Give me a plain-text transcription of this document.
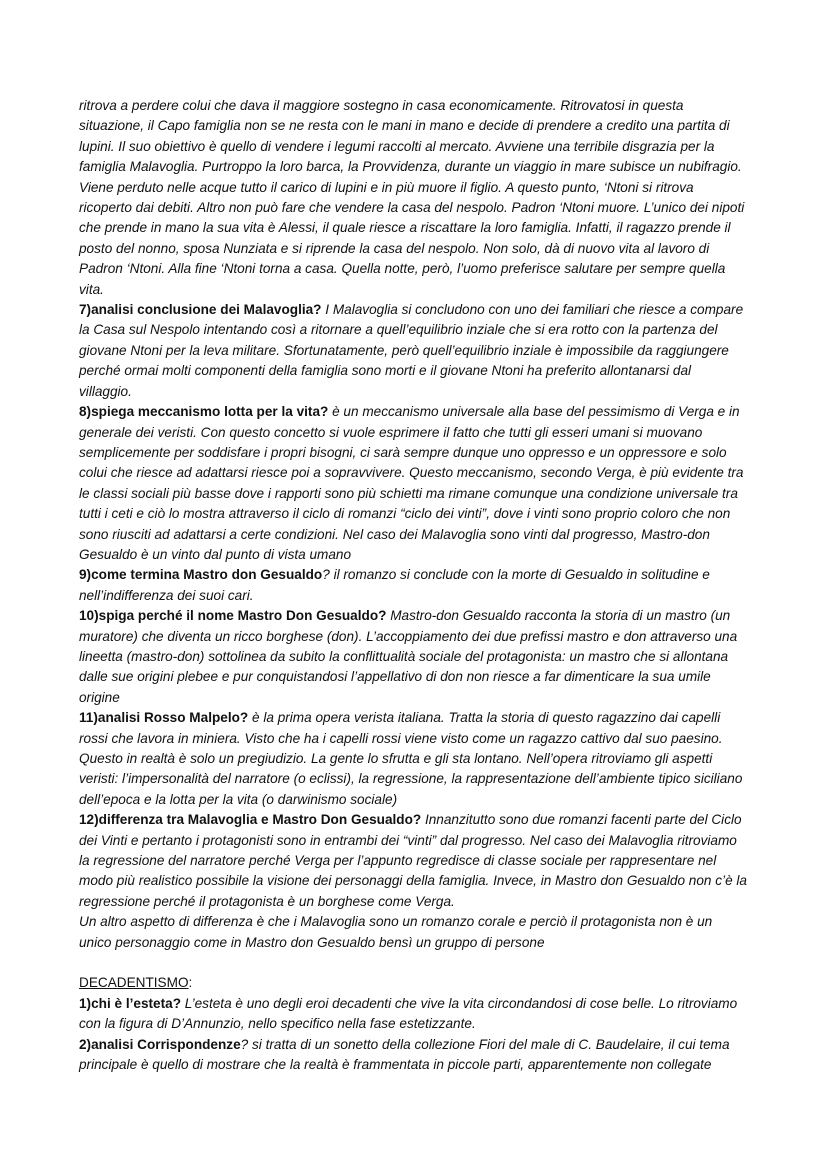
ritrova a perdere colui che dava il maggiore sostegno in casa economicamente. Ritrovatosi in questa situazione, il Capo famiglia non se ne resta con le mani in mano e decide di prendere a credito una partita di lupini. Il suo obiettivo è quello di vendere i legumi raccolti al mercato. Avviene una terribile disgrazia per la famiglia Malavoglia. Purtroppo la loro barca, la Provvidenza, durante un viaggio in mare subisce un nubifragio. Viene perduto nelle acque tutto il carico di lupini e in più muore il figlio. A questo punto, ‘Ntoni si ritrova ricoperto dai debiti. Altro non può fare che vendere la casa del nespolo. Padron ‘Ntoni muore. L’unico dei nipoti che prende in mano la sua vita è Alessi, il quale riesce a riscattare la loro famiglia. Infatti, il ragazzo prende il posto del nonno, sposa Nunziata e si riprende la casa del nespolo. Non solo, dà di nuovo vita al lavoro di Padron ‘Ntoni. Alla fine ‘Ntoni torna a casa. Quella notte, però, l’uomo preferisce salutare per sempre quella vita.

7)analisi conclusione dei Malavoglia? I Malavoglia si concludono con uno dei familiari che riesce a compare la Casa sul Nespolo intentando così a ritornare a quell’equilibrio inziale che si era rotto con la partenza del giovane Ntoni per la leva militare. Sfortunatamente, però quell’equilibrio inziale è impossibile da raggiungere perché ormai molti componenti della famiglia sono morti e il giovane Ntoni ha preferito allontanarsi dal villaggio.

8)spiega meccanismo lotta per la vita? è un meccanismo universale alla base del pessimismo di Verga e in generale dei veristi. Con questo concetto si vuole esprimere il fatto che tutti gli esseri umani si muovano semplicemente per soddisfare i propri bisogni, ci sarà sempre dunque uno oppresso e un oppressore e solo colui che riesce ad adattarsi riesce poi a sopravvivere. Questo meccanismo, secondo Verga, è più evidente tra le classi sociali più basse dove i rapporti sono più schietti ma rimane comunque una condizione universale tra tutti i ceti e ciò lo mostra attraverso il ciclo di romanzi “ciclo dei vinti”, dove i vinti sono proprio coloro che non sono riusciti ad adattarsi a certe condizioni. Nel caso dei Malavoglia sono vinti dal progresso, Mastro-don Gesualdo è un vinto dal punto di vista umano

9)come termina Mastro don Gesualdo? il romanzo si conclude con la morte di Gesualdo in solitudine e nell’indifferenza dei suoi cari.

10)spiga perché il nome Mastro Don Gesualdo? Mastro-don Gesualdo racconta la storia di un mastro (un muratore) che diventa un ricco borghese (don). L’accoppiamento dei due prefissi mastro e don attraverso una lineetta (mastro-don) sottolinea da subito la conflittualità sociale del protagonista: un mastro che si allontana dalle sue origini plebee e pur conquistandosi l’appellativo di don non riesce a far dimenticare la sua umile origine

11)analisi Rosso Malpelo? è la prima opera verista italiana. Tratta la storia di questo ragazzino dai capelli rossi che lavora in miniera. Visto che ha i capelli rossi viene visto come un ragazzo cattivo dal suo paesino. Questo in realtà è solo un pregiudizio. La gente lo sfrutta e gli sta lontano. Nell’opera ritroviamo gli aspetti veristi: l’impersonalità del narratore (o eclissi), la regressione, la rappresentazione dell’ambiente tipico siciliano dell’epoca e la lotta per la vita (o darwinismo sociale)

12)differenza tra Malavoglia e Mastro Don Gesualdo? Innanzitutto sono due romanzi facenti parte del Ciclo dei Vinti e pertanto i protagonisti sono in entrambi dei “vinti” dal progresso. Nel caso dei Malavoglia ritroviamo la regressione del narratore perché Verga per l’appunto regredisce di classe sociale per rappresentare nel modo più realistico possibile la visione dei personaggi della famiglia. Invece, in Mastro don Gesualdo non c’è la regressione perché il protagonista è un borghese come Verga.

Un altro aspetto di differenza è che i Malavoglia sono un romanzo corale e perciò il protagonista non è un unico personaggio come in Mastro don Gesualdo bensì un gruppo di persone

DECADENTISMO:

1)chi è l’esteta? L’esteta è uno degli eroi decadenti che vive la vita circondandosi di cose belle. Lo ritroviamo con la figura di D’Annunzio, nello specifico nella fase estetizzante.

2)analisi Corrispondenze? si tratta di un sonetto della collezione Fiori del male di C. Baudelaire, il cui tema principale è quello di mostrare che la realtà è frammentata in piccole parti, apparentemente non collegate
